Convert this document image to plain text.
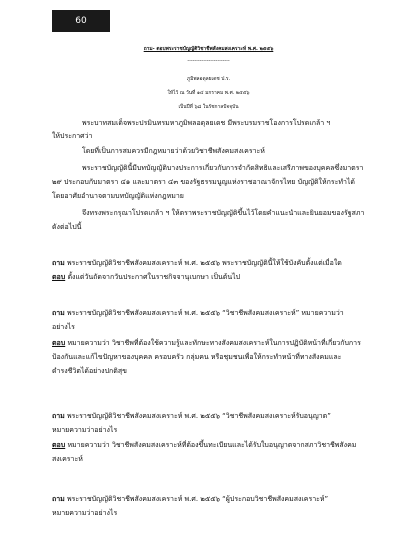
60
ถาม- ตอบพระราชบัญญัติวิชาชีพสังคมสงเคราะห์ พ.ศ. ๒๕๕๖
------------------------
ภูมิพลอดุลยเดช ป.ร.
ให้ไว้ ณ วันที่ ๑๔ มกราคม พ.ศ. ๒๕๕๖
เป็นปีที่ ๖๘ ในรัชกาลปัจจุบัน
พระบาทสมเด็จพระปรมินทรมหาภูมิพลอดุลยเดช มีพระบรมราชโองการโปรดเกล้า ฯ
ให้ประกาศว่า
โดยที่เป็นการสมควรมีกฎหมายว่าด้วยวิชาชีพสังคมสงเคราะห์
พระราชบัญญัตินี้มีบทบัญญัติบางประการเกี่ยวกับการจำกัดสิทธิและเสรีภาพของบุคคลซึ่งมาตรา
๒๙ ประกอบกับมาตรา ๔๑ และมาตรา ๔๓ ของรัฐธรรมนูญแห่งราชอาณาจักรไทย บัญญัติให้กระทำได้
โดยอาศัยอำนาจตามบทบัญญัติแห่งกฎหมาย
จึงทรงพระกรุณาโปรดเกล้า ฯ ให้ตราพระราชบัญญัติขึ้นไว้โดยคำแนะนำและยินยอมของรัฐสภา
ดังต่อไปนี้
ถาม พระราชบัญญัติวิชาชีพสังคมสงเคราะห์ พ.ศ. ๒๕๕๖ พระราชบัญญัตินี้ให้ใช้บังคับตั้งแต่เมื่อใด
ตอบ ตั้งแต่วันถัดจากวันประกาศในราชกิจจานุเบกษา เป็นต้นไป
ถาม พระราชบัญญัติวิชาชีพสังคมสงเคราะห์ พ.ศ. ๒๕๕๖ “วิชาชีพสังคมสงเคราะห์” หมายความว่า
อย่างไร
ตอบ หมายความว่า วิชาชีพที่ต้องใช้ความรู้และทักษะทางสังคมสงเคราะห์ในการปฏิบัติหน้าที่เกี่ยวกับการ
ป้องกันและแก้ไขปัญหาของบุคคล ครอบครัว กลุ่มคน หรือชุมชนเพื่อให้กระทำหน้าที่ทางสังคมและ
ดำรงชีวิตได้อย่างปกติสุข
ถาม พระราชบัญญัติวิชาชีพสังคมสงเคราะห์ พ.ศ. ๒๕๕๖ “วิชาชีพสังคมสงเคราะห์รับอนุญาต”
หมายความว่าอย่างไร
ตอบ หมายความว่า วิชาชีพสังคมสงเคราะห์ที่ต้องขึ้นทะเบียนและได้รับใบอนุญาตจากสภาวิชาชีพสังคม
สงเคราะห์
ถาม พระราชบัญญัติวิชาชีพสังคมสงเคราะห์ พ.ศ. ๒๕๕๖ “ผู้ประกอบวิชาชีพสังคมสงเคราะห์”
หมายความว่าอย่างไร
